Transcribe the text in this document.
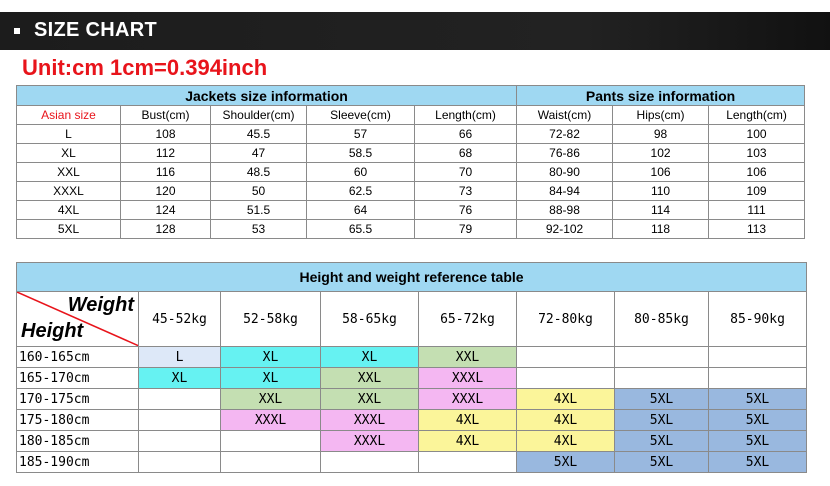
SIZE CHART
Unit:cm 1cm=0.394inch
Jackets size information					Pants size information		
Asian size	Bust(cm)	Shoulder(cm)	Sleeve(cm)	Length(cm)	Waist(cm)	Hips(cm)	Length(cm)
L	108	45.5	57	66	72-82	98	100
XL	112	47	58.5	68	76-86	102	103
XXL	116	48.5	60	70	80-90	106	106
XXXL	120	50	62.5	73	84-94	110	109
4XL	124	51.5	64	76	88-98	114	111
5XL	128	53	65.5	79	92-102	118	113
Height and weight reference table							

Weight
Height	45-52kg	52-58kg	58-65kg	65-72kg	72-80kg	80-85kg	85-90kg
160-165cm	L	XL	XL	XXL			
165-170cm	XL	XL	XXL	XXXL			
170-175cm		XXL	XXL	XXXL	4XL	5XL	5XL
175-180cm		XXXL	XXXL	4XL	4XL	5XL	5XL
180-185cm			XXXL	4XL	4XL	5XL	5XL
185-190cm					5XL	5XL	5XL
